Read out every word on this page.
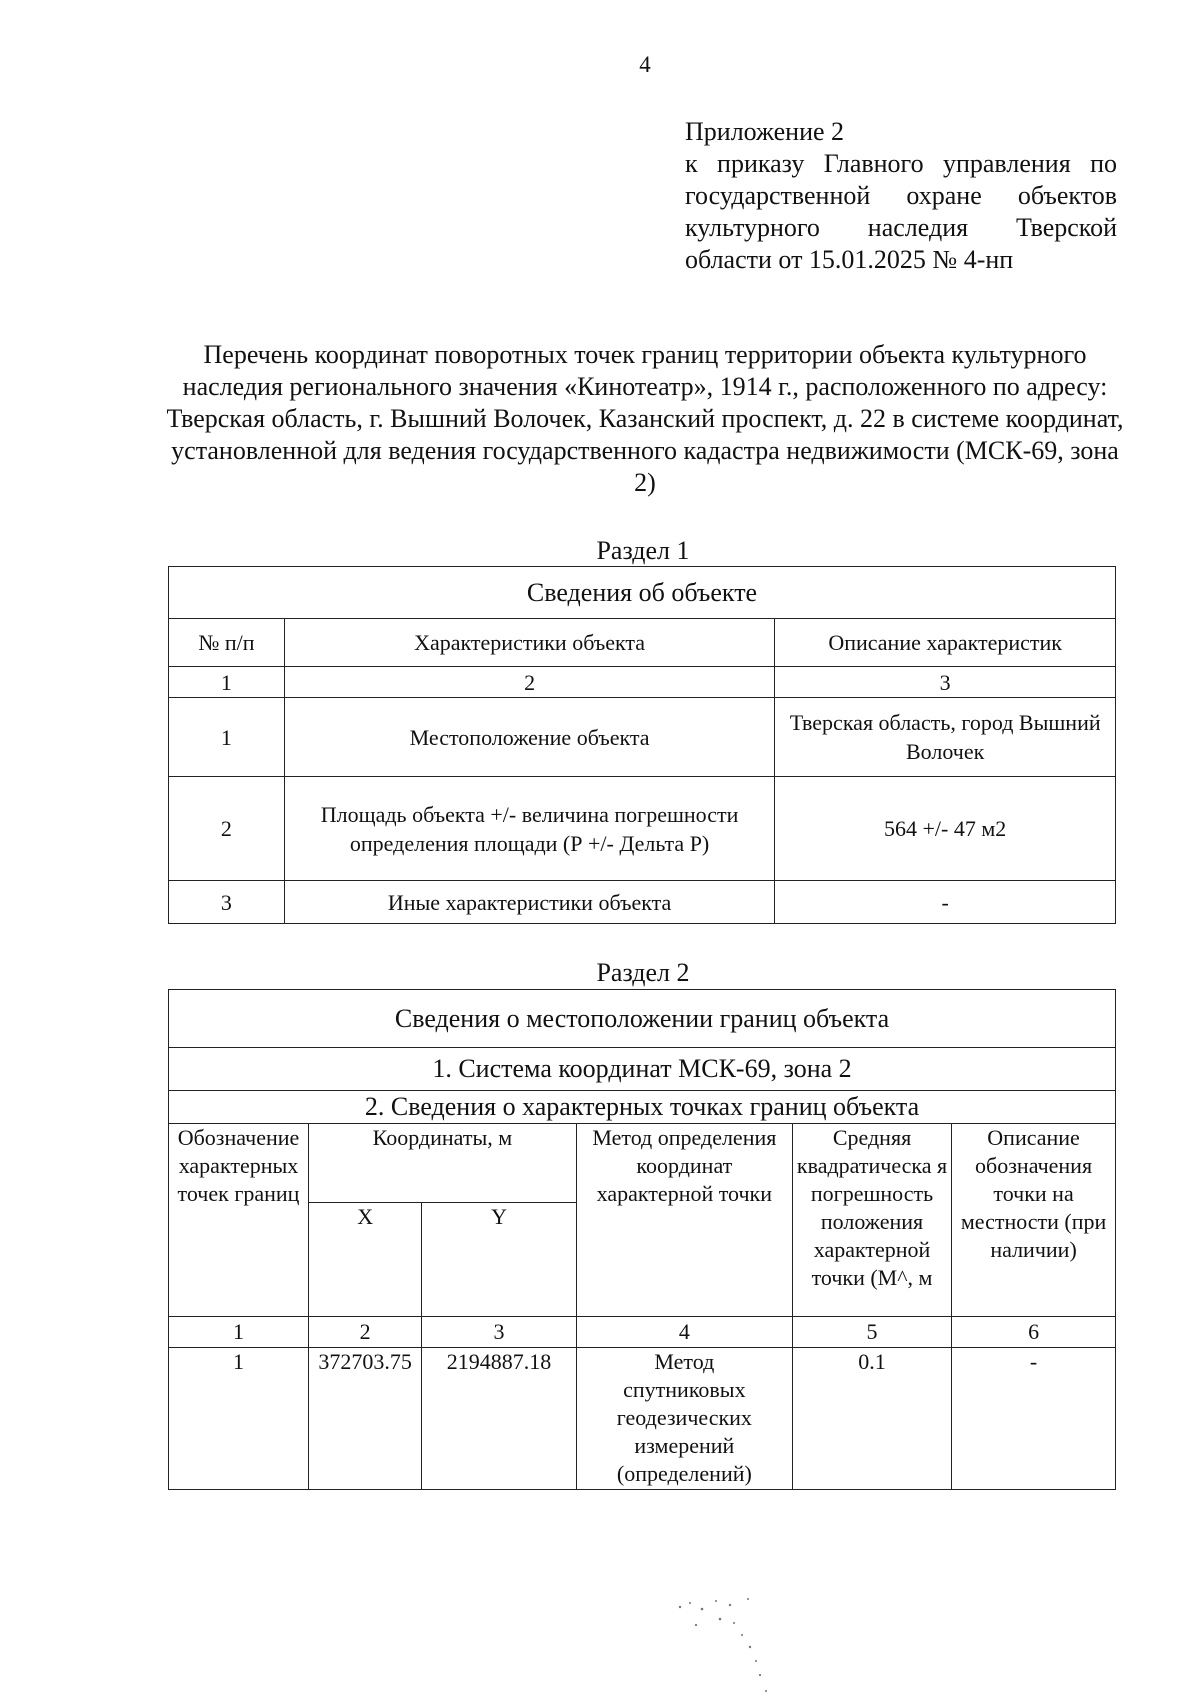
4
Приложение 2
к приказу Главного управления по государственной охране объектов культурного наследия Тверской области от 15.01.2025 № 4-нп
Перечень координат поворотных точек границ территории объекта культурного наследия регионального значения «Кинотеатр», 1914 г., расположенного по адресу: Тверская область, г. Вышний Волочек, Казанский проспект, д. 22 в системе координат, установленной для ведения государственного кадастра недвижимости (МСК-69, зона 2)
Раздел 1
Сведения об объекте		
№ п/п	Характеристики объекта	Описание характеристик
1	2	3
1	Местоположение объекта	Тверская область, город Вышний Волочек
2	Площадь объекта +/- величина погрешности определения площади (Р +/- Дельта Р)	564 +/- 47 м2
3	Иные характеристики объекта	-
Раздел 2
Сведения о местоположении границ объекта					
1. Система координат МСК-69, зона 2					
2. Сведения о характерных точках границ объекта					
Обозначение характерных точек границ	Координаты, м		Метод определения координат характерной точки	Средняя квадратическа я погрешность положения характерной точки (М^, м	Описание обозначения точки на местности (при наличии)
	X	Y			
1	2	3	4	5	6
1	372703.75	2194887.18	Метод спутниковых геодезических измерений (определений)	0.1	-
